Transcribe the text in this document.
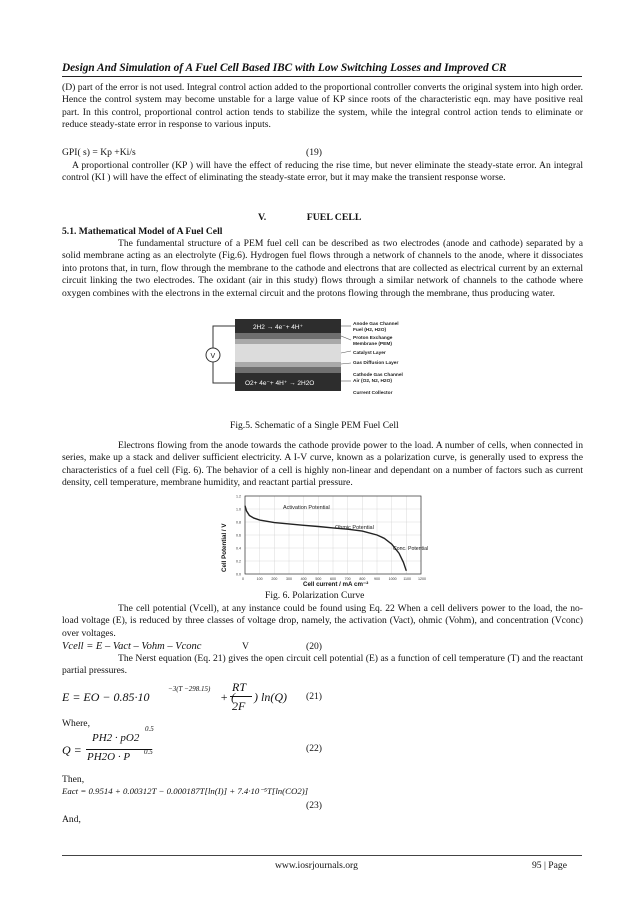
Design And Simulation of A Fuel Cell Based IBC with Low Switching Losses and Improved CR
(D) part of the error is not used. Integral control action added to the proportional controller converts the original system into high order. Hence the control system may become unstable for a large value of KP since roots of the characteristic eqn. may have positive real part. In this control, proportional control action tends to stabilize the system, while the integral control action tends to eliminate or reduce steady-state error in response to various inputs.
GPI( s) = Kp +Ki/s	(19)
A proportional controller (KP ) will have the effect of reducing the rise time, but never eliminate the steady-state error. An integral control (KI ) will have the effect of eliminating the steady-state error, but it may make the transient response worse.
V.	FUEL CELL
5.1. Mathematical Model of A Fuel Cell
The fundamental structure of a PEM fuel cell can be described as two electrodes (anode and cathode) separated by a solid membrane acting as an electrolyte (Fig.6). Hydrogen fuel flows through a network of channels to the anode, where it dissociates into protons that, in turn, flow through the membrane to the cathode and electrons that are collected as electrical current by an external circuit linking the two electrodes. The oxidant (air in this study) flows through a similar network of channels to the cathode where oxygen combines with the electrons in the external circuit and the protons flowing through the membrane, thus producing water.
2H2 → 4e⁻+ 4H⁺
O2+ 4e⁻+ 4H⁺ → 2H2O
V
Anode Gas Channel
Fuel (H2, H2O)
Proton Exchange
Membrane (PEM)
Catalyst Layer
Gas Diffusion Layer
Cathode Gas Channel
Air (O2, N2, H2O)
Current Collector
Fig.5. Schematic of a Single PEM Fuel Cell
Electrons flowing from the anode towards the cathode provide power to the load. A number of cells, when connected in series, make up a stack and deliver sufficient electricity. A I-V curve, known as a polarization curve, is generally used to express the characteristics of a fuel cell (Fig. 6). The behavior of a cell is highly non-linear and dependant on a number of factors such as current density, cell temperature, membrane humidity, and reactant partial pressure.
0	100 200 300 400 500 600 700 800 900 1000 1100 1200
0.0
0.2
0.4
0.6
0.8
1.0
1.2
Activation Potential
Ohmic Potential
Conc. Potential
Cell current / mA cm⁻²
Cell Potential / V
Fig. 6. Polarization Curve
The cell potential (Vcell), at any instance could be found using Eq. 22 When a cell delivers power to the load, the no-load voltage (E), is reduced by three classes of voltage drop, namely, the activation (Vact), ohmic (Vohm), and concentration (Vconc) over voltages.
Vcell = E – Vact – Vohm – Vconc	V	(20)
The Nerst equation (Eq. 21) gives the open circuit cell potential (E) as a function of cell temperature (T) and the reactant partial pressures.
E = EO − 0.85·10
−3(T −298.15)
+ (
RT
2F
) ln(Q) (21)
Where,
Q =
PH2 · pO2
0.5
PH2O · P 0.5	(22)
Then,
Eact = 0.9514 + 0.00312T − 0.000187T[ln(I)] + 7.4·10⁻⁵T[ln(CO2)]
(23)
And,
www.iosrjournals.org	95 | Page
